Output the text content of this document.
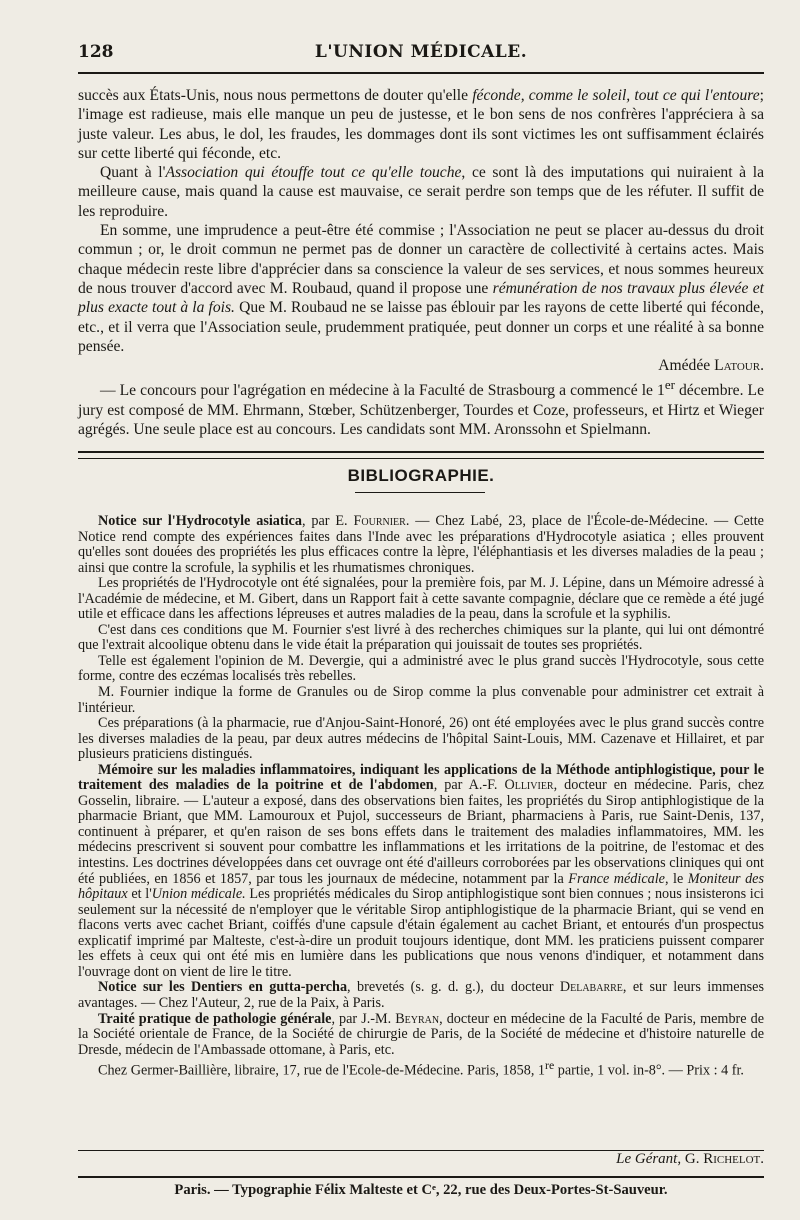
128	L'UNION MÉDICALE.

succès aux États-Unis, nous nous permettons de douter qu'elle féconde, comme le soleil, tout ce qui l'entoure; l'image est radieuse, mais elle manque un peu de justesse, et le bon sens de nos confrères l'appréciera à sa juste valeur. Les abus, le dol, les fraudes, les dommages dont ils sont victimes les ont suffisamment éclairés sur cette liberté qui féconde, etc.

Quant à l'Association qui étouffe tout ce qu'elle touche, ce sont là des imputations qui nuiraient à la meilleure cause, mais quand la cause est mauvaise, ce serait perdre son temps que de les réfuter. Il suffit de les reproduire.

En somme, une imprudence a peut-être été commise ; l'Association ne peut se placer au-dessus du droit commun ; or, le droit commun ne permet pas de donner un caractère de collectivité à certains actes. Mais chaque médecin reste libre d'apprécier dans sa conscience la valeur de ses services, et nous sommes heureux de nous trouver d'accord avec M. Roubaud, quand il propose une rémunération de nos travaux plus élevée et plus exacte tout à la fois. Que M. Roubaud ne se laisse pas éblouir par les rayons de cette liberté qui féconde, etc., et il verra que l'Association seule, prudemment pratiquée, peut donner un corps et une réalité à sa bonne pensée.

Amédée Latour.

— Le concours pour l'agrégation en médecine à la Faculté de Strasbourg a commencé le 1er décembre. Le jury est composé de MM. Ehrmann, Stœber, Schützenberger, Tourdes et Coze, professeurs, et Hirtz et Wieger agrégés. Une seule place est au concours. Les candidats sont MM. Aronssohn et Spielmann.

BIBLIOGRAPHIE.

Notice sur l'Hydrocotyle asiatica, par E. Fournier. — Chez Labé, 23, place de l'École-de-Médecine. — Cette Notice rend compte des expériences faites dans l'Inde avec les préparations d'Hydrocotyle asiatica ; elles prouvent qu'elles sont douées des propriétés les plus efficaces contre la lèpre, l'éléphantiasis et les diverses maladies de la peau ; ainsi que contre la scrofule, la syphilis et les rhumatismes chroniques.

Les propriétés de l'Hydrocotyle ont été signalées, pour la première fois, par M. J. Lépine, dans un Mémoire adressé à l'Académie de médecine, et M. Gibert, dans un Rapport fait à cette savante compagnie, déclare que ce remède a été jugé utile et efficace dans les affections lépreuses et autres maladies de la peau, dans la scrofule et la syphilis.

C'est dans ces conditions que M. Fournier s'est livré à des recherches chimiques sur la plante, qui lui ont démontré que l'extrait alcoolique obtenu dans le vide était la préparation qui jouissait de toutes ses propriétés.

Telle est également l'opinion de M. Devergie, qui a administré avec le plus grand succès l'Hydrocotyle, sous cette forme, contre des eczémas localisés très rebelles.

M. Fournier indique la forme de Granules ou de Sirop comme la plus convenable pour administrer cet extrait à l'intérieur.

Ces préparations (à la pharmacie, rue d'Anjou-Saint-Honoré, 26) ont été employées avec le plus grand succès contre les diverses maladies de la peau, par deux autres médecins de l'hôpital Saint-Louis, MM. Cazenave et Hillairet, et par plusieurs praticiens distingués.

Mémoire sur les maladies inflammatoires, indiquant les applications de la Méthode antiphlogistique, pour le traitement des maladies de la poitrine et de l'abdomen, par A.-F. Ollivier, docteur en médecine. Paris, chez Gosselin, libraire. — L'auteur a exposé, dans des observations bien faites, les propriétés du Sirop antiphlogistique de la pharmacie Briant, que MM. Lamouroux et Pujol, successeurs de Briant, pharmaciens à Paris, rue Saint-Denis, 137, continuent à préparer, et qu'en raison de ses bons effets dans le traitement des maladies inflammatoires, MM. les médecins prescrivent si souvent pour combattre les inflammations et les irritations de la poitrine, de l'estomac et des intestins. Les doctrines développées dans cet ouvrage ont été d'ailleurs corroborées par les observations cliniques qui ont été publiées, en 1856 et 1857, par tous les journaux de médecine, notamment par la France médicale, le Moniteur des hôpitaux et l'Union médicale. Les propriétés médicales du Sirop antiphlogistique sont bien connues ; nous insisterons ici seulement sur la nécessité de n'employer que le véritable Sirop antiphlogistique de la pharmacie Briant, qui se vend en flacons verts avec cachet Briant, coiffés d'une capsule d'étain également au cachet Briant, et entourés d'un prospectus explicatif imprimé par Malteste, c'est-à-dire un produit toujours identique, dont MM. les praticiens puissent comparer les effets à ceux qui ont été mis en lumière dans les publications que nous venons d'indiquer, et notamment dans l'ouvrage dont on vient de lire le titre.

Notice sur les Dentiers en gutta-percha, brevetés (s. g. d. g.), du docteur Delabarre, et sur leurs immenses avantages. — Chez l'Auteur, 2, rue de la Paix, à Paris.

Traité pratique de pathologie générale, par J.-M. Beyran, docteur en médecine de la Faculté de Paris, membre de la Société orientale de France, de la Société de chirurgie de Paris, de la Société de médecine et d'histoire naturelle de Dresde, médecin de l'Ambassade ottomane, à Paris, etc.

Chez Germer-Baillière, libraire, 17, rue de l'Ecole-de-Médecine. Paris, 1858, 1re partie, 1 vol. in-8°. — Prix : 4 fr.

Le Gérant, G. Richelot.
Paris. — Typographie Félix Malteste et Cᵉ, 22, rue des Deux-Portes-St-Sauveur.
